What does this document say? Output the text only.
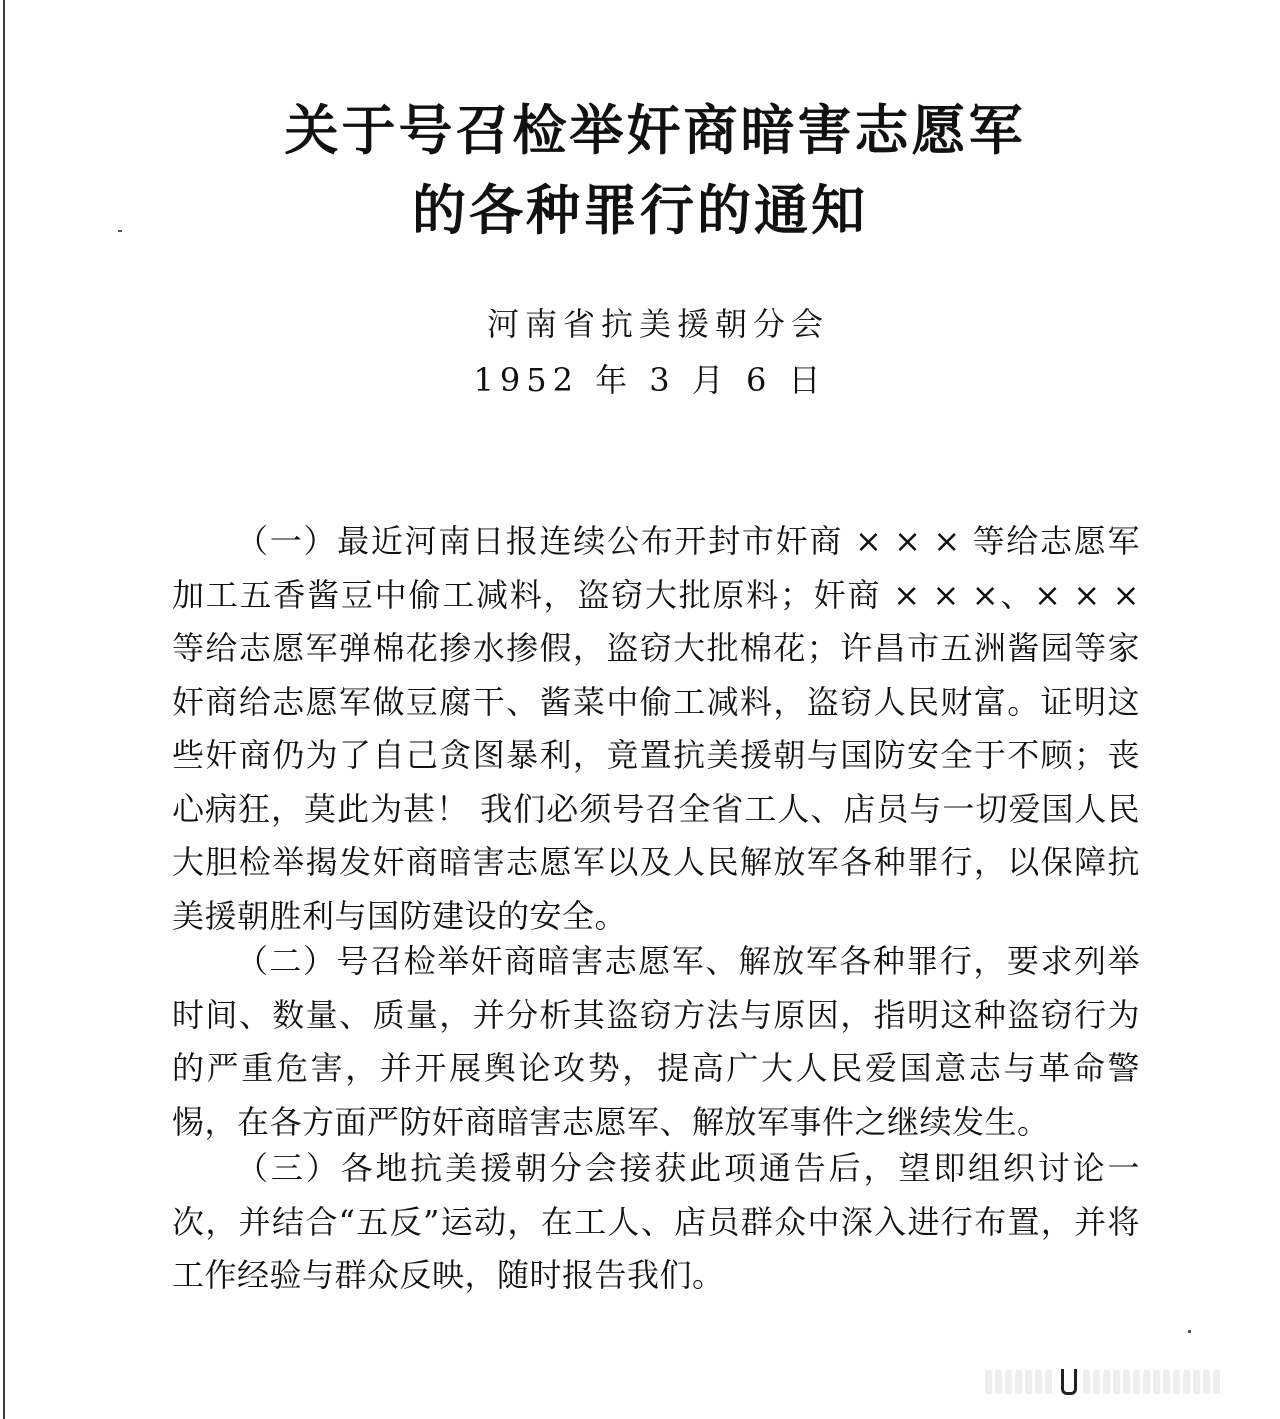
关于号召检举奸商暗害志愿军
的各种罪行的通知
河南省抗美援朝分会
1952 年 3 月 6 日

（一）最近河南日报连续公布开封市奸商 × × × 等给志愿军加工五香酱豆中偷工减料，盗窃大批原料；奸商 × × ×、× × × 等给志愿军弹棉花掺水掺假，盗窃大批棉花；许昌市五洲酱园等家奸商给志愿军做豆腐干、酱菜中偷工减料，盗窃人民财富。证明这些奸商仍为了自己贪图暴利，竟置抗美援朝与国防安全于不顾；丧心病狂，莫此为甚！ 我们必须号召全省工人、店员与一切爱国人民大胆检举揭发奸商暗害志愿军以及人民解放军各种罪行，以保障抗美援朝胜利与国防建设的安全。

（二）号召检举奸商暗害志愿军、解放军各种罪行，要求列举时间、数量、质量，并分析其盗窃方法与原因，指明这种盗窃行为的严重危害，并开展舆论攻势，提高广大人民爱国意志与革命警惕，在各方面严防奸商暗害志愿军、解放军事件之继续发生。

（三）各地抗美援朝分会接获此项通告后，望即组织讨论一次，并结合“五反”运动，在工人、店员群众中深入进行布置，并将工作经验与群众反映，随时报告我们。
